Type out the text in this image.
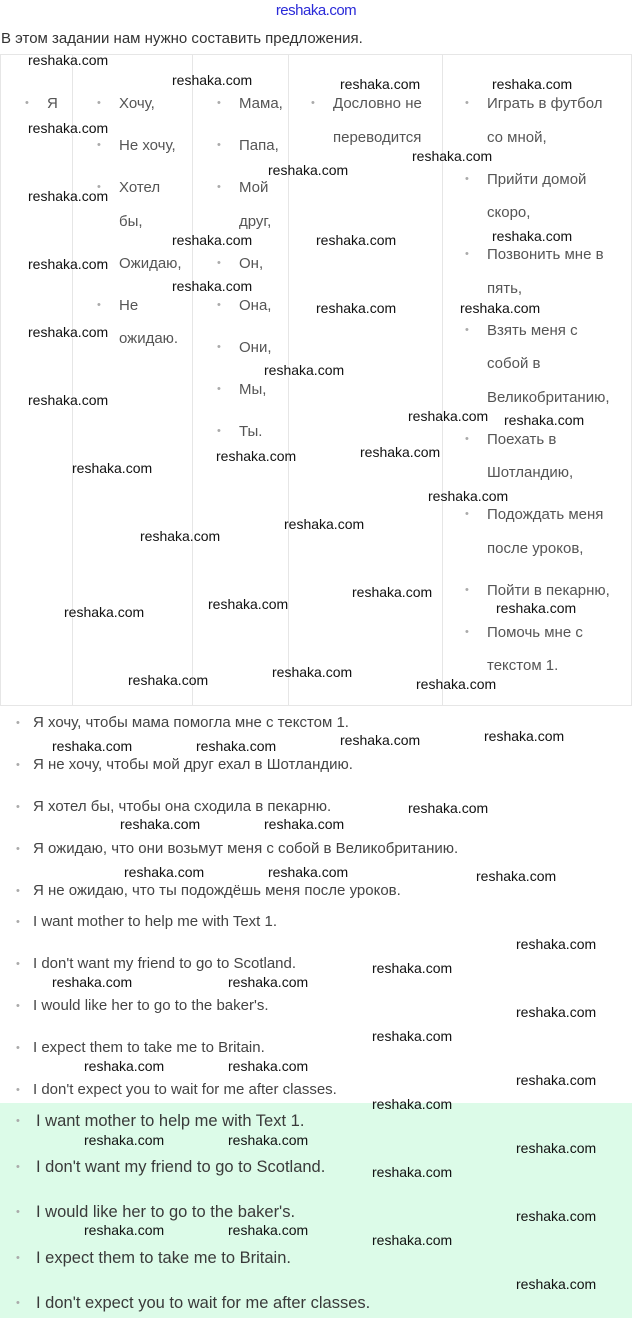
reshaka.com
В этом задании нам нужно составить предложения.
• Я	• Хочу,
• Не хочу,
• Хотел бы,
• Ожидаю,
• Не ожидаю.
• Мама,
• Папа,
• Мой друг,
• Он,
• Она,
• Они,
• Мы,
• Ты.
• Дословно не переводится
• Играть в футбол со мной,
• Прийти домой скоро,
• Позвонить мне в пять,
• Взять меня с собой в Великобританию,
• Поехать в Шотландию,
• Подождать меня после уроков,
• Пойти в пекарню,
• Помочь мне с текстом 1.
• Я хочу, чтобы мама помогла мне с текстом 1.
• Я не хочу, чтобы мой друг ехал в Шотландию.
• Я хотел бы, чтобы она сходила в пекарню.
• Я ожидаю, что они возьмут меня с собой в Великобританию.
• Я не ожидаю, что ты подождёшь меня после уроков.
• I want mother to help me with Text 1.
• I don't want my friend to go to Scotland.
• I would like her to go to the baker's.
• I expect them to take me to Britain.
• I don't expect you to wait for me after classes.
• I want mother to help me with Text 1.
• I don't want my friend to go to Scotland.
• I would like her to go to the baker's.
• I expect them to take me to Britain.
• I don't expect you to wait for me after classes.
reshaka.com
reshaka.com	reshaka.com	reshaka.com
reshaka.com
reshaka.com
reshaka.com
reshaka.com
reshaka.com
reshaka.com	reshaka.com
reshaka.com
reshaka.com	reshaka.com
reshaka.com
reshaka.com
reshaka.com
reshaka.com
reshaka.com
reshaka.com
reshaka.com	reshaka.com
reshaka.com
reshaka.com
reshaka.com
reshaka.com
reshaka.com
reshaka.com
reshaka.com	reshaka.com
reshaka.com
reshaka.com
reshaka.com
reshaka.com
reshaka.com	reshaka.com	reshaka.com
reshaka.com
reshaka.com	reshaka.com
reshaka.com
reshaka.com	reshaka.com
reshaka.com
reshaka.com	reshaka.com
reshaka.com
reshaka.com
reshaka.com
reshaka.com	reshaka.com
reshaka.com
reshaka.com
reshaka.com	reshaka.com	reshaka.com
reshaka.com
reshaka.com	reshaka.com
reshaka.com
reshaka.com
reshaka.com
